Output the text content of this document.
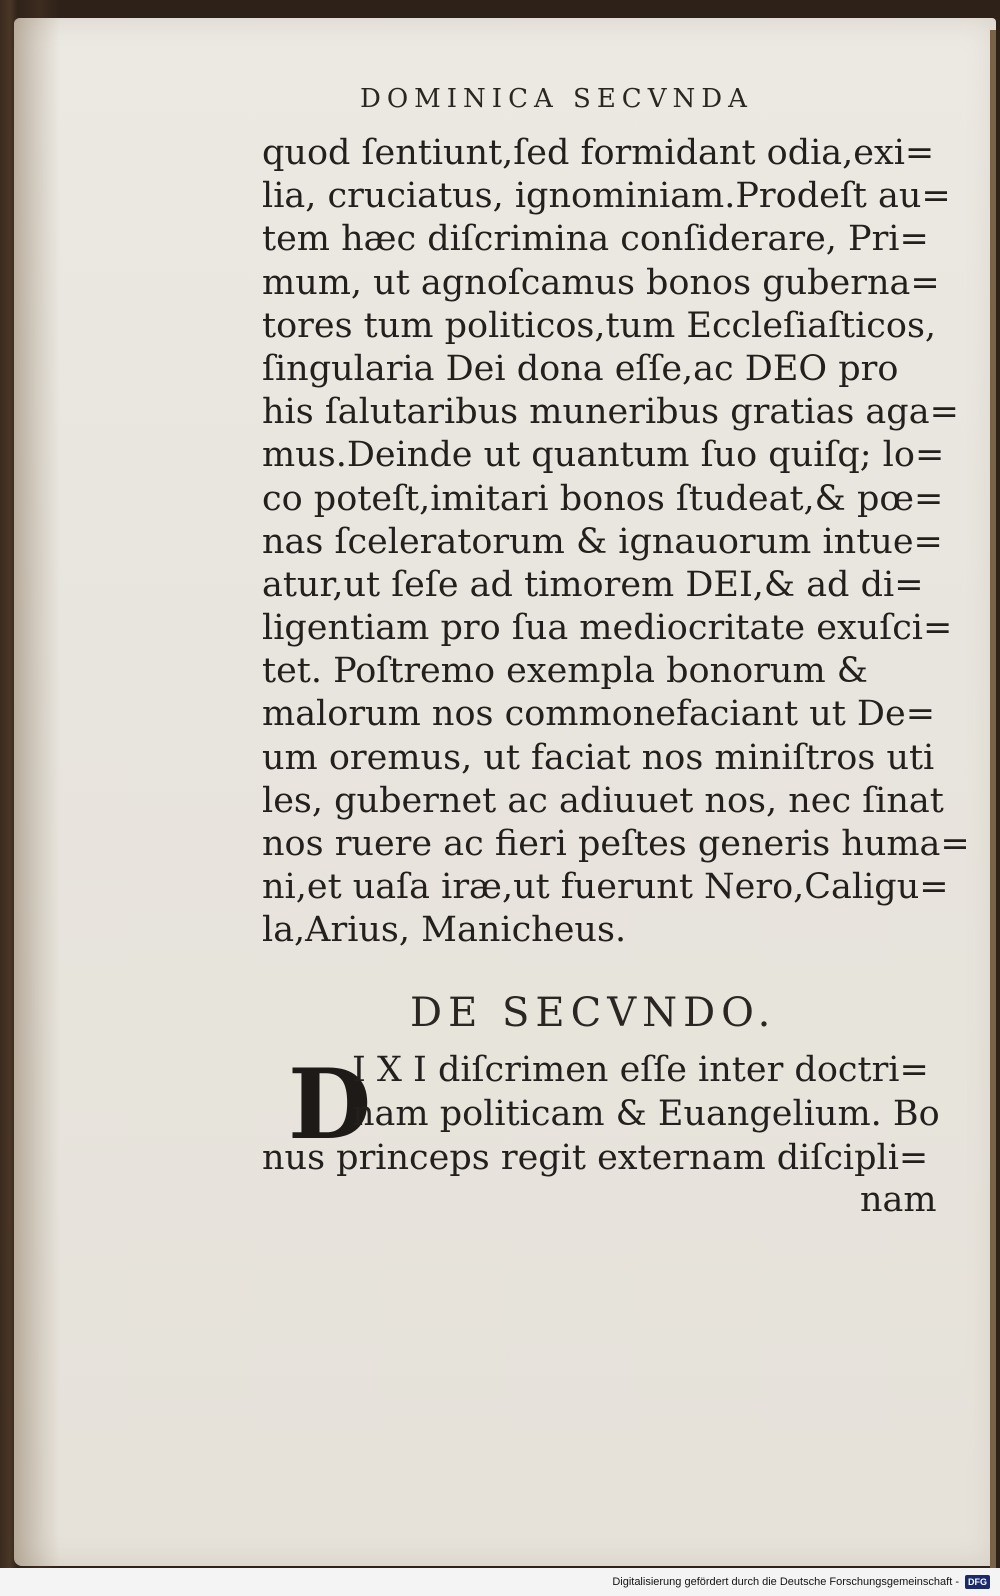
DOMINICA SECVNDA
quod ſentiunt,ſed formidant odia,exi=
lia, cruciatus, ignominiam.Prodeſt au=
tem hæc diſcrimina conſiderare, Pri=
mum, ut agnoſcamus bonos guberna=
tores tum politicos,tum Eccleſiaſticos,
ſingularia Dei dona eſſe,ac DEO pro
his ſalutaribus muneribus gratias aga=
mus.Deinde ut quantum ſuo quiſq; lo=
co poteſt,imitari bonos ſtudeat,& pœ=
nas ſceleratorum & ignauorum intue=
atur,ut ſeſe ad timorem DEI,& ad di=
ligentiam pro ſua mediocritate exuſci=
tet. Poſtremo exempla bonorum &
malorum nos commonefaciant ut De=
um oremus, ut faciat nos miniſtros uti
les, gubernet ac adiuuet nos, nec ſinat
nos ruere ac fieri peſtes generis huma=
ni,et uaſa iræ,ut fuerunt Nero,Caligu=
la,Arius, Manicheus.
DE SECVNDO.
D
I X I diſcrimen eſſe inter doctri=
nam politicam & Euangelium. Bo
nus princeps regit externam diſcipli=
nam
Digitalisierung gefördert durch die Deutsche Forschungsgemeinschaft -	DFG
